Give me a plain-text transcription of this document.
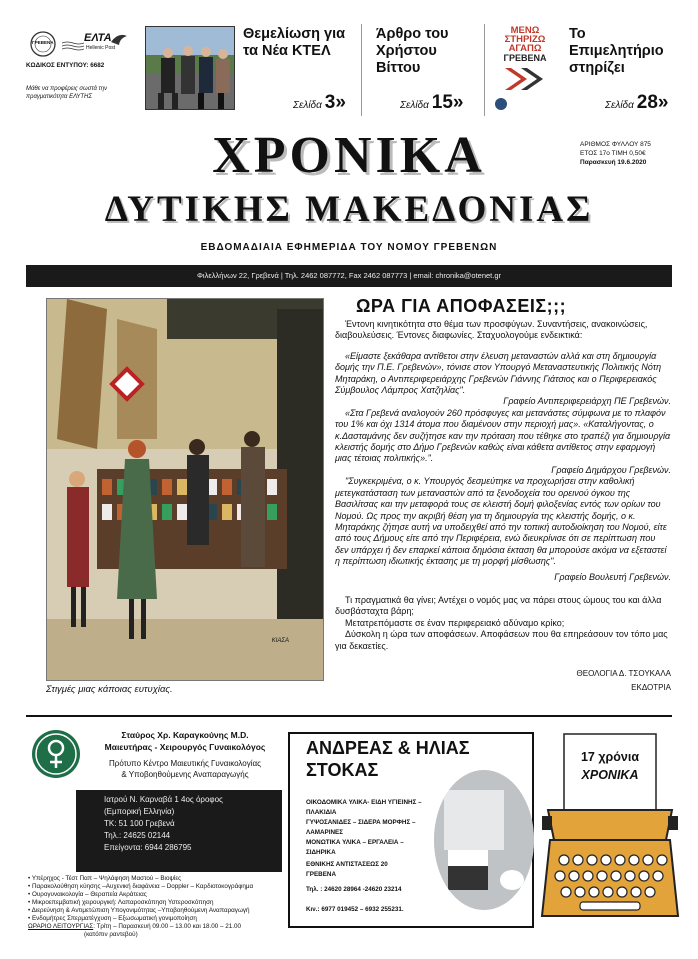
ΓΡΕΒΕΝΑ	ΕΛΤΑ
Hellenic Post
ΚΩΔΙΚΟΣ ΕΝΤΥΠΟΥ: 6682
Μάθε να προφέρεις σωστά την πραγματικότητα ΕΛΥΤΗΣ
Θεμελίωση για τα Νέα ΚΤΕΛ
Σελίδα 3»
Άρθρο του Χρήστου Βίττου
Σελίδα 15»
ΜΕΝΩ
ΣΤΗΡΙΖΩ
ΑΓΑΠΩ
ΓΡΕΒΕΝΑ
Το Επιμελητήριο στηρίζει
Σελίδα 28»
ΧΡΟΝΙΚΑ
ΔΥΤΙΚΗΣ ΜΑΚΕΔΟΝΙΑΣ
ΕΒΔΟΜΑΔΙΑΙΑ ΕΦΗΜΕΡΙΔΑ ΤΟΥ ΝΟΜΟΥ ΓΡΕΒΕΝΩΝ
ΑΡΙΘΜΟΣ ΦΥΛΛΟΥ 875
ΕΤΟΣ 17ο ΤΙΜΗ 0,50€
Παρασκευή 19.6.2020
Φιλελλήνων 22, Γρεβενά | Τηλ. 2462 087772, Fax 2462 087773 | email: chronika@otenet.gr
ΚΙΑΣΑ
Στιγμές μιας κάποιας ευτυχίας.
ΩΡΑ ΓΙΑ ΑΠΟΦΑΣΕΙΣ;;;

Έντονη κινητικότητα στο θέμα των προσφύγων. Συναντήσεις, ανακοινώσεις, διαβουλεύσεις. Έντονες διαφωνίες. Σταχυολογούμε ενδεικτικά:

«Είμαστε ξεκάθαρα αντίθετοι στην έλευση μεταναστών αλλά και στη δημιουργία δομής την Π.Ε. Γρεβενών», τόνισε στον Υπουργό Μεταναστευτικής Πολιτικής Νότη Μηταράκη, ο Αντιπεριφερειάρχης Γρεβενών Γιάννης Γιάτσιος και ο Περιφερειακός Σύμβουλος Λάμπρος Χατζηλίας".

Γραφείο Αντιπεριφερειάρχη ΠΕ Γρεβενών.

«Στα Γρεβενά αναλογούν 260 πρόσφυγες και μετανάστες σύμφωνα με το πλαφόν του 1% και όχι 1314 άτομα που διαμένουν στην περιοχή μας». «Καταλήγοντας, ο κ.Δασταμάνης δεν συζήτησε καν την πρόταση που τέθηκε στο τραπέζι για δημιουργία κλειστής δομής στο Δήμο Γρεβενών καθώς είναι κάθετα αντίθετος στην εφαρμογή μιας τέτοιας πολιτικής».".

Γραφείο Δημάρχου Γρεβενών.

"Συγκεκριμένα, ο κ. Υπουργός δεσμεύτηκε να προχωρήσει στην καθολική μετεγκατάσταση των μεταναστών από τα ξενοδοχεία του ορεινού όγκου της Βασιλίτσας και την μεταφορά τους σε κλειστή δομή φιλοξενίας εντός των ορίων του Νομού. Ως προς την ακριβή θέση για τη δημιουργία της κλειστής δομής, ο κ. Μηταράκης ζήτησε αυτή να υποδειχθεί από την τοπική αυτοδιοίκηση του Νομού, είτε από τους Δήμους είτε από την Περιφέρεια, ενώ διευκρίνισε ότι σε περίπτωση που δεν υπάρχει ή δεν επαρκεί κάποια δημόσια έκταση θα μπορούσε ακόμα να εξεταστεί η περίπτωση ιδιωτικής έκτασης με τη μορφή μίσθωσης".

Γραφείο Βουλευτή Γρεβενών.

Τι πραγματικά θα γίνει; Αντέχει ο νομός μας να πάρει στους ώμους του και άλλα δυσβάσταχτα βάρη;

Μετατρεπόμαστε σε έναν περιφερειακό αδύναμο κρίκο;

Δύσκολη η ώρα των αποφάσεων. Αποφάσεων που θα επηρεάσουν τον τόπο μας για δεκαετίες.

ΘΕΟΛΟΓΙΑ Δ. ΤΣΟΥΚΑΛΑ

ΕΚΔΟΤΡΙΑ

Σταύρος Χρ. Καραγκούνης M.D.
Μαιευτήρας - Χειρουργός Γυναικολόγος
Πρότυπο Κέντρο Μαιευτικής Γυναικολογίας
& Υποβοηθούμενης Αναπαραγωγής
Ιατρού Ν. Καρναβά 1 4ος όροφος
(Εμπορική Ελληνία)
ΤΚ: 51 100 Γρεβενά
Τηλ.: 24625 02144
Επείγοντα: 6944 286795
• Υπέρηχος - Τέστ Παπ – Ψηλάφηση Μαστού – Βιοψίες
• Παρακολούθηση κύησης –Αυχενική διαφάνεια – Doppler – Καρδιοτοκογράφημα
• Ουρογυναικολογία – Θεραπεία Ακράτειας
• Μικροεπεμβατική χειρουργική: Λαπαροσκόπηση Υστεροσκόπηση
• Διερεύνηση & Αντιμετώπιση Υπογονιμότητας –Υποβοηθούμενη Αναπαραγωγή
• Ενδομήτρες Σπερματέγχυση – Εξωσωματική γονιμοποίηση
ΩΡΑΡΙΟ ΛΕΙΤΟΥΡΓΙΑΣ: Τρίτη – Παρασκευή 09.00 – 13.00 και 18.00 – 21.00
(κατόπιν ραντεβού)
ΑΝΔΡΕΑΣ & ΗΛΙΑΣ
ΣΤΟΚΑΣ
ΟΙΚΟΔΟΜΙΚΑ ΥΛΙΚΑ- ΕΙΔΗ ΥΓΙΕΙΝΗΣ –
ΠΛΑΚΙΔΙΑ
ΓΥΨΟΣΑΝΙΔΕΣ – ΣΙΔΕΡΑ ΜΟΡΦΗΣ –
ΛΑΜΑΡΙΝΕΣ
ΜΟΝΩΤΙΚΑ ΥΛΙΚΑ – ΕΡΓΑΛΕΙΑ –
ΣΙΔΗΡΙΚΑ
ΕΘΝΙΚΗΣ ΑΝΤΙΣΤΑΣΕΩΣ 20
ΓΡΕΒΕΝΑ
Τηλ. : 24620 28964 -24620 23214
Κιν.: 6977 019452 – 6932 255231.
17 χρόνια
ΧΡΟΝΙΚΑ
